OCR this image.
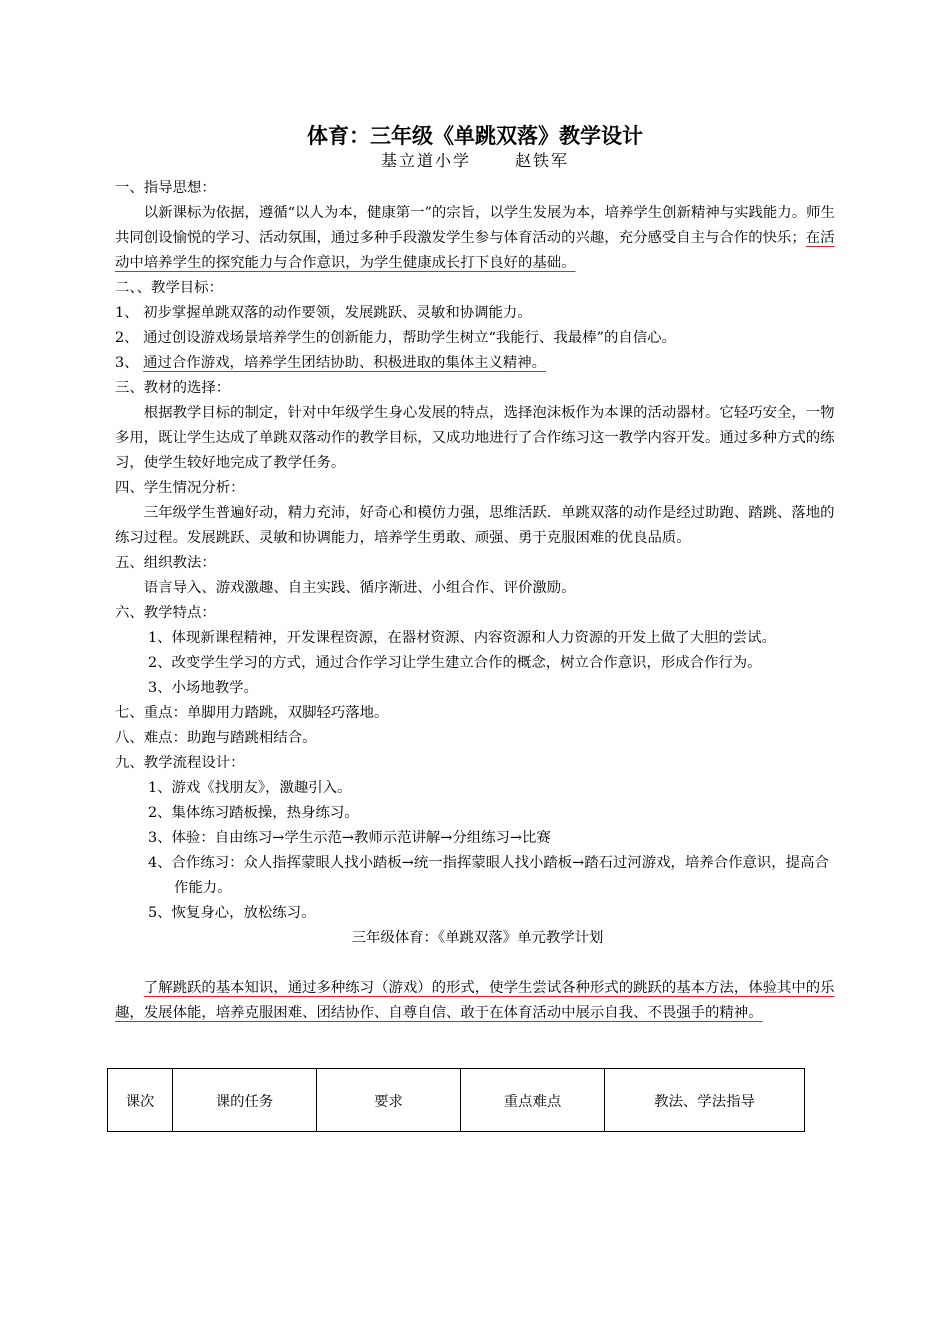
体育：三年级《单跳双落》教学设计
基立道小学	赵铁军

一、指导思想：

以新课标为依据，遵循“以人为本，健康第一”的宗旨，以学生发展为本，培养学生创新精神与实践能力。师生共同创设愉悦的学习、活动氛围，通过多种手段激发学生参与体育活动的兴趣，充分感受自主与合作的快乐；在活动中培养学生的探究能力与合作意识，为学生健康成长打下良好的基础。

二、、教学目标：

1、 初步掌握单跳双落的动作要领，发展跳跃、灵敏和协调能力。

2、 通过创设游戏场景培养学生的创新能力，帮助学生树立“我能行、我最棒”的自信心。

3、 通过合作游戏，培养学生团结协助、积极进取的集体主义精神。

三、教材的选择：

根据教学目标的制定，针对中年级学生身心发展的特点，选择泡沫板作为本课的活动器材。它轻巧安全，一物多用，既让学生达成了单跳双落动作的教学目标，又成功地进行了合作练习这一教学内容开发。通过多种方式的练习，使学生较好地完成了教学任务。

四、学生情况分析：

三年级学生普遍好动，精力充沛，好奇心和模仿力强，思维活跃．单跳双落的动作是经过助跑、踏跳、落地的练习过程。发展跳跃、灵敏和协调能力，培养学生勇敢、顽强、勇于克服困难的优良品质。

五、组织教法：

语言导入、游戏激趣、自主实践、循序渐进、小组合作、评价激励。

六、教学特点：

1、体现新课程精神，开发课程资源，在器材资源、内容资源和人力资源的开发上做了大胆的尝试。

2、改变学生学习的方式，通过合作学习让学生建立合作的概念，树立合作意识，形成合作行为。

3、小场地教学。

七、重点：单脚用力踏跳，双脚轻巧落地。

八、难点：助跑与踏跳相结合。

九、教学流程设计：

1、游戏《找朋友》，激趣引入。

2、集体练习踏板操，热身练习。

3、体验：自由练习→学生示范→教师示范讲解→分组练习→比赛

4、合作练习：众人指挥蒙眼人找小踏板→统一指挥蒙眼人找小踏板→踏石过河游戏，培养合作意识，提高合作能力。

5、恢复身心，放松练习。

三年级体育：《单跳双落》单元教学计划

了解跳跃的基本知识，通过多种练习（游戏）的形式，使学生尝试各种形式的跳跃的基本方法，体验其中的乐趣，发展体能，培养克服困难、团结协作、自尊自信、敢于在体育活动中展示自我、不畏强手的精神。

课次	课的任务	要求	重点难点	教法、学法指导
